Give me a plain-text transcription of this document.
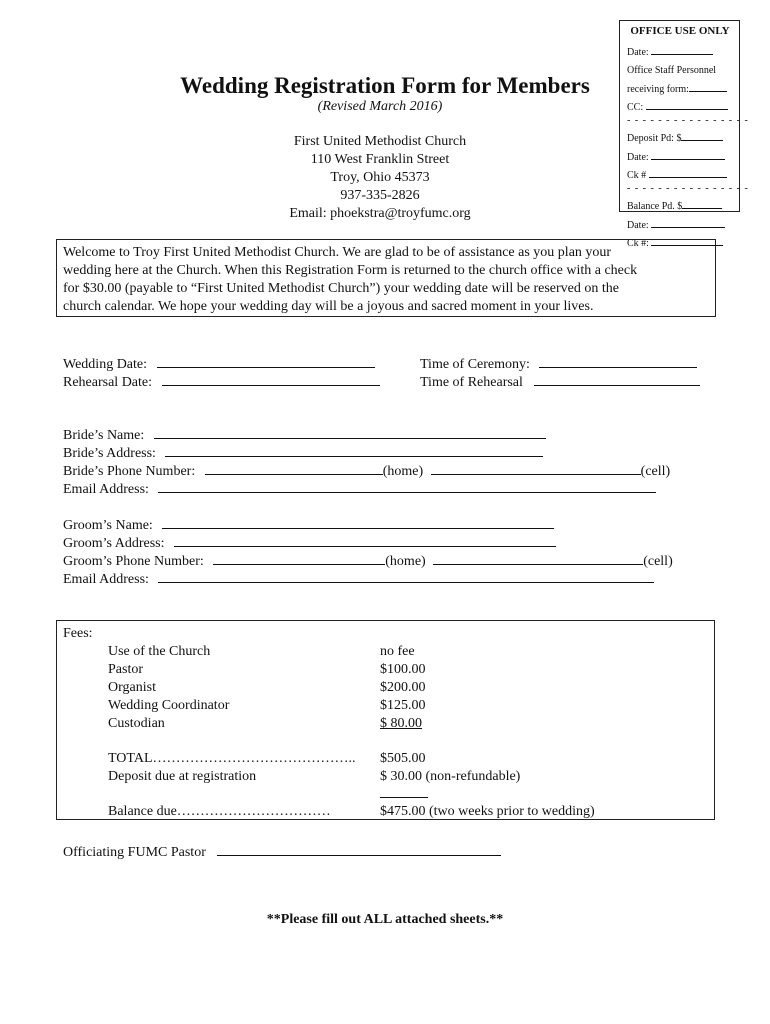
OFFICE USE ONLY
Date:
Office Staff Personnel
receiving form:
CC:
- - - - - - - - - - - - - - - -
Deposit Pd: $
Date:
Ck #
- - - - - - - - - - - - - - - -
Balance Pd. $
Date:
Ck #:
Wedding Registration Form for Members
(Revised March 2016)
First United Methodist Church
110 West Franklin Street
Troy, Ohio 45373
937-335-2826
Email: phoekstra@troyfumc.org
Welcome to Troy First United Methodist Church. We are glad to be of assistance as you plan your
wedding here at the Church. When this Registration Form is returned to the church office with a check
for $30.00 (payable to “First United Methodist Church”) your wedding date will be reserved on the
church calendar. We hope your wedding day will be a joyous and sacred moment in your lives.
Wedding Date:
Rehearsal Date:
Time of Ceremony:
Time of Rehearsal
Bride’s Name:
Bride’s Address:
Bride’s Phone Number:	(home)	(cell)
Email Address:
Groom’s Name:
Groom’s Address:
Groom’s Phone Number:	(home)	(cell)
Email Address:
Fees:
Use of the Church	no fee
Pastor	$100.00
Organist	$200.00
Wedding Coordinator	$125.00
Custodian	$ 80.00
TOTAL…………………………………….. $505.00
Deposit due at registration	$ 30.00 (non-refundable)
Balance due……………………………	$475.00 (two weeks prior to wedding)
Officiating FUMC Pastor
**Please fill out ALL attached sheets.**
